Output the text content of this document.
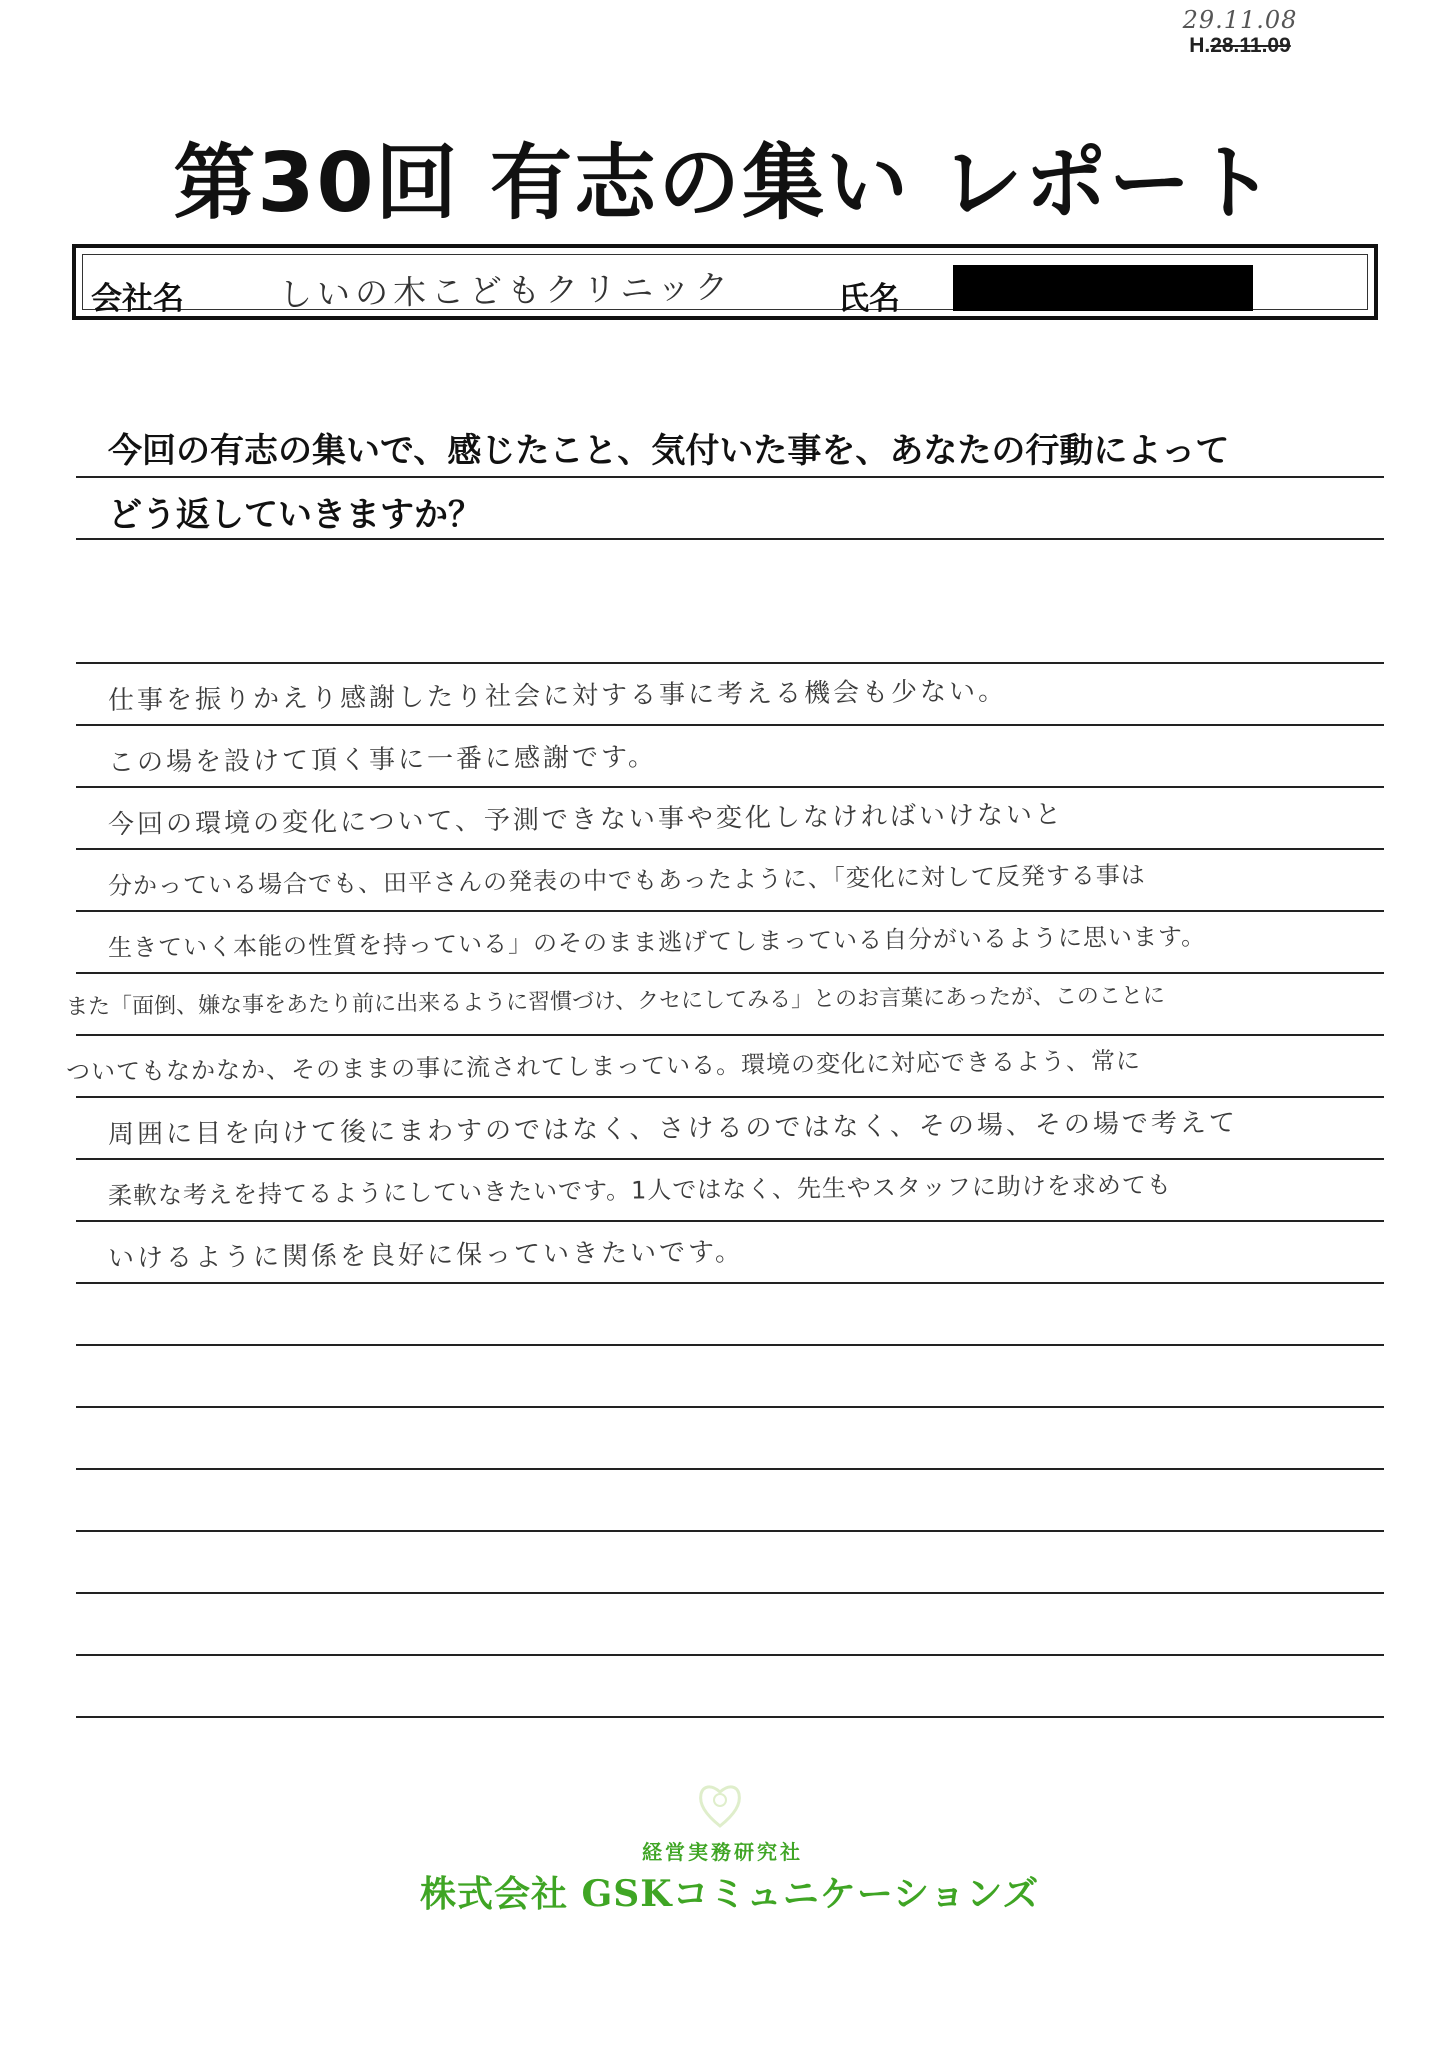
29.11.08
H.28.11.09
第30回 有志の集い レポート
会社名	しいの木こどもクリニック	氏名
今回の有志の集いで、感じたこと、気付いた事を、あなたの行動によって
どう返していきますか？
仕事を振りかえり感謝したり社会に対する事に考える機会も少ない。
この場を設けて頂く事に一番に感謝です。
今回の環境の変化について、予測できない事や変化しなければいけないと
分かっている場合でも、田平さんの発表の中でもあったように、「変化に対して反発する事は
生きていく本能の性質を持っている」のそのまま逃げてしまっている自分がいるように思います。
また「面倒、嫌な事をあたり前に出来るように習慣づけ、クセにしてみる」とのお言葉にあったが、このことに
ついてもなかなか、そのままの事に流されてしまっている。環境の変化に対応できるよう、常に
周囲に目を向けて後にまわすのではなく、さけるのではなく、その場、その場で考えて
柔軟な考えを持てるようにしていきたいです。1人ではなく、先生やスタッフに助けを求めても
いけるように関係を良好に保っていきたいです。
経営実務研究社
株式会社 GSKコミュニケーションズ
